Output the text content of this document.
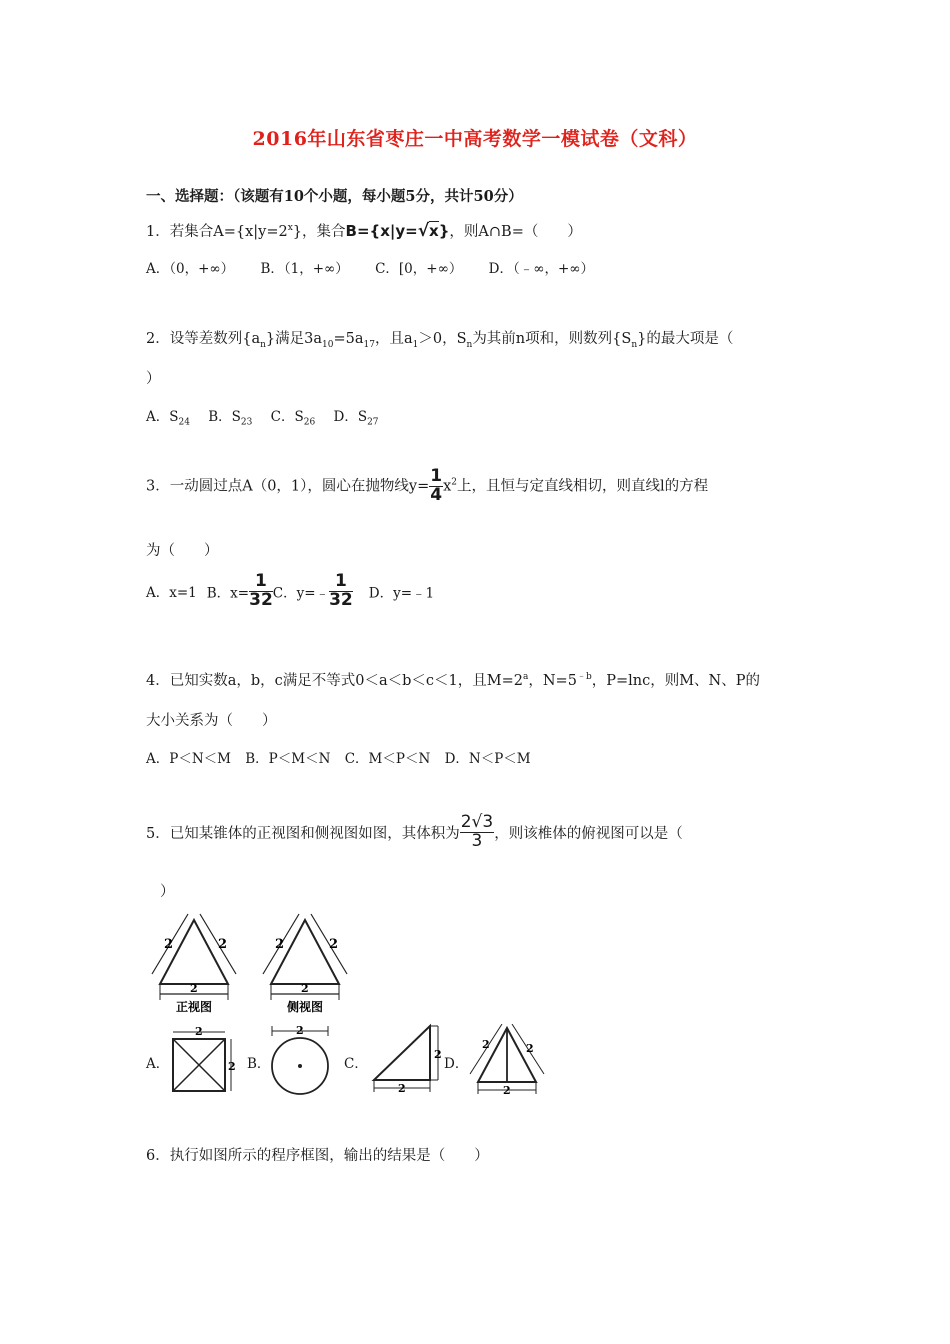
2016年山东省枣庄一中高考数学一模试卷（文科）
一、选择题：（该题有10个小题，每小题5分，共计50分）
1．若集合$A=\{x|y=2^x\}$，集合B={x|y=√x}，则A∩B=（　　）
A．（0，+∞） B．（1，+∞） C．[0，+∞） D．（﹣∞，+∞）
2．设等差数列$\{a_n\}$满足$3a_{10}=5a_{17}$，且$a_1>0$，$S_n$为其前n项和，则数列$\{S_n\}$的最大项是（
）
A．$S_{24}$ B．$S_{23}$ C．$S_{26}$ D．$S_{27}$
3．一动圆过点A（0，1），圆心在抛物线$y= \frac{1}{4} x^2$上，且恒与定直线相切，则直线l的方程
为（　　）
A．x=1 B．$x= \frac{1}{32}$ C．y=﹣ $\frac{1}{32}$ D．y=﹣1
4．已知实数a，b，c满足不等式0＜a＜b＜c＜1，且$M=2^a$，$N=5^{﹣b}$，P=lnc，则M、N、P的
大小关系为（　　）
A．P＜N＜M B．P＜M＜N C．M＜P＜N D．N＜P＜M
5．已知某锥体的正视图和侧视图如图，其体积为 $\frac{2√3}{3}$ ，则该椎体的俯视图可以是（
）
2	2
2
正视图
2	2
2
侧视图
A．	B．	C．	D．
2
2
2
2
2
2	2
2
6．执行如图所示的程序框图，输出的结果是（　　）
